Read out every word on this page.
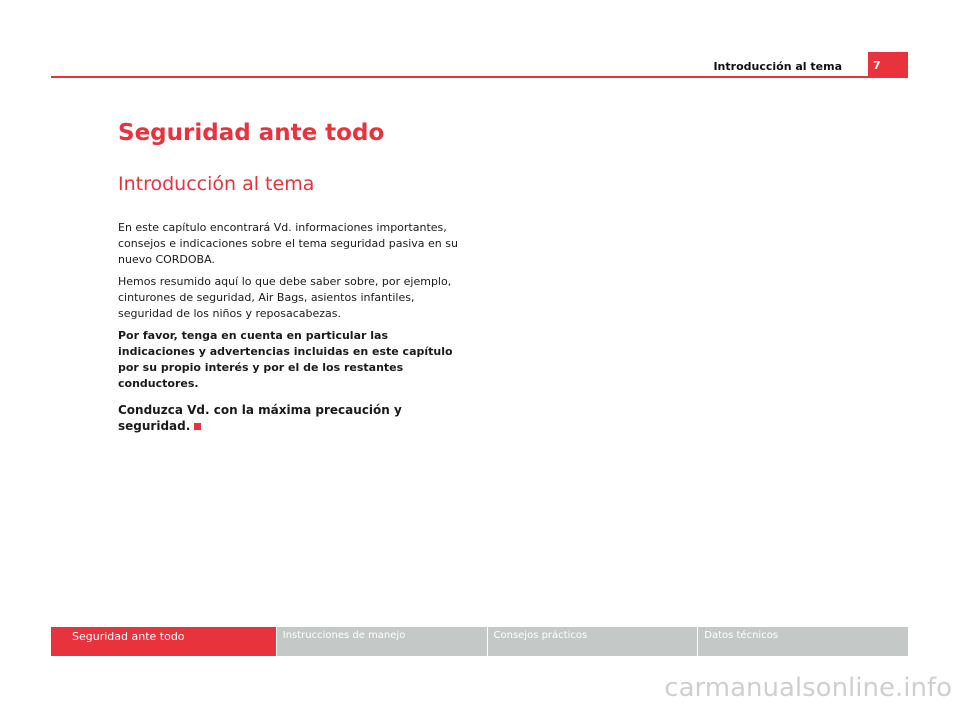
Introducción al tema	7
Seguridad ante todo
Introducción al tema

En este capítulo encontrará Vd. informaciones importantes, consejos e indicaciones sobre el tema seguridad pasiva en su nuevo CORDOBA.

Hemos resumido aquí lo que debe saber sobre, por ejemplo, cinturones de seguridad, Air Bags, asientos infantiles, seguridad de los niños y reposacabezas.

Por favor, tenga en cuenta en particular las indicaciones y advertencias incluidas en este capítulo por su propio interés y por el de los restantes conductores.

Conduzca Vd. con la máxima precaución y seguridad.

Seguridad ante todo	Instrucciones de manejo	Consejos prácticos	Datos técnicos
carmanualsonline.info
